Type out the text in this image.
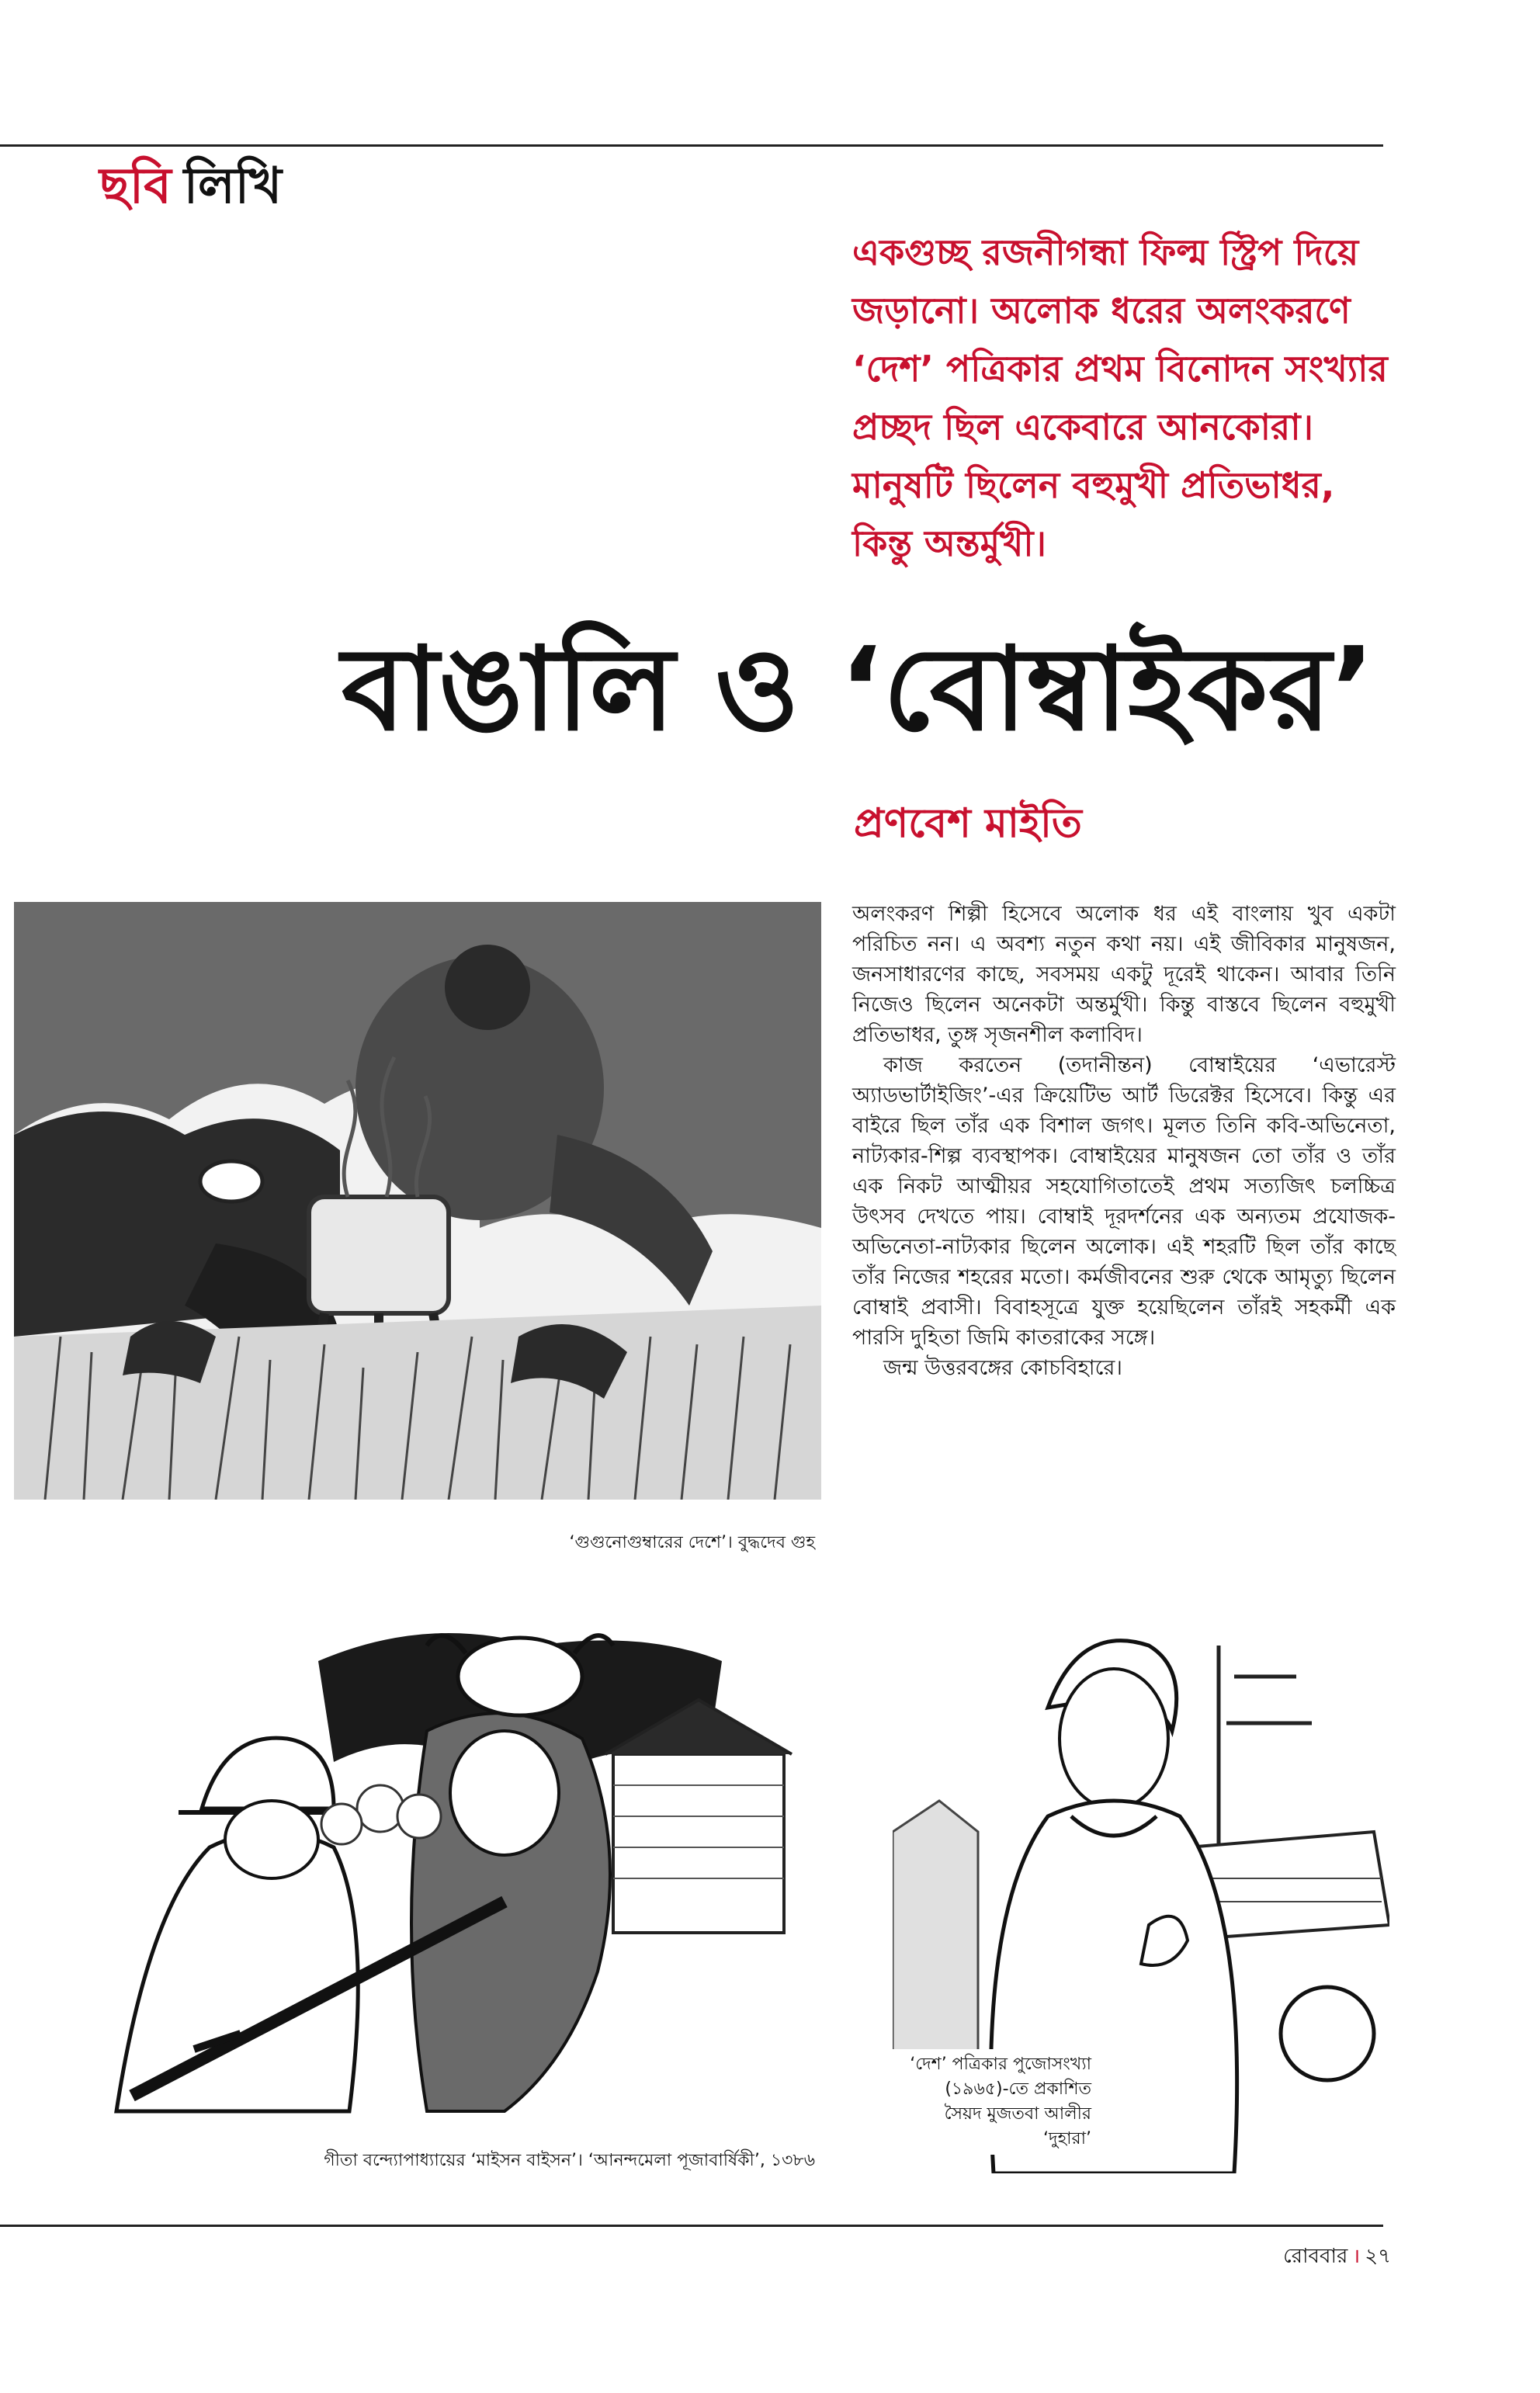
ছবি লিখি
একগুচ্ছ রজনীগন্ধা ফিল্ম স্ট্রিপ দিয়ে জড়ানো। অলোক ধরের অলংকরণে ‘দেশ’ পত্রিকার প্রথম বিনোদন সংখ্যার প্রচ্ছদ ছিল একেবারে আনকোরা। মানুষটি ছিলেন বহুমুখী প্রতিভাধর, কিন্তু অন্তর্মুখী।
বাঙালি ও ‘বোম্বাইকর’
প্রণবেশ মাইতি
‘গুগুনোগুম্বারের দেশে’। বুদ্ধদেব গুহ

অলংকরণ শিল্পী হিসেবে অলোক ধর এই বাংলায় খুব একটা পরিচিত নন। এ অবশ্য নতুন কথা নয়। এই জীবিকার মানুষজন, জনসাধারণের কাছে, সবসময় একটু দূরেই থাকেন। আবার তিনি নিজেও ছিলেন অনেকটা অন্তর্মুখী। কিন্তু বাস্তবে ছিলেন বহুমুখী প্রতিভাধর, তুঙ্গ সৃজনশীল কলাবিদ।

কাজ করতেন (তদানীন্তন) বোম্বাইয়ের ‘এভারেস্ট অ্যাডভার্টাইজিং’-এর ক্রিয়েটিভ আর্ট ডিরেক্টর হিসেবে। কিন্তু এর বাইরে ছিল তাঁর এক বিশাল জগৎ। মূলত তিনি কবি-অভিনেতা, নাট্যকার-শিল্প ব্যবস্থাপক। বোম্বাইয়ের মানুষজন তো তাঁর ও তাঁর এক নিকট আত্মীয়র সহযোগিতাতেই প্রথম সত্যজিৎ চলচ্চিত্র উৎসব দেখতে পায়। বোম্বাই দূরদর্শনের এক অন্যতম প্রযোজক-অভিনেতা-নাট্যকার ছিলেন অলোক। এই শহরটি ছিল তাঁর কাছে তাঁর নিজের শহরের মতো। কর্মজীবনের শুরু থেকে আমৃত্যু ছিলেন বোম্বাই প্রবাসী। বিবাহসূত্রে যুক্ত হয়েছিলেন তাঁরই সহকর্মী এক পারসি দুহিতা জিমি কাতরাকের সঙ্গে।

জন্ম উত্তরবঙ্গের কোচবিহারে।

গীতা বন্দ্যোপাধ্যায়ের ‘মাইসন বাইসন’। ‘আনন্দমেলা পূজাবার্ষিকী’, ১৩৮৬
‘দেশ’ পত্রিকার পুজোসংখ্যা
(১৯৬৫)-তে প্রকাশিত
সৈয়দ মুজতবা আলীর
‘দুহারা’
রোববার । ২৭
